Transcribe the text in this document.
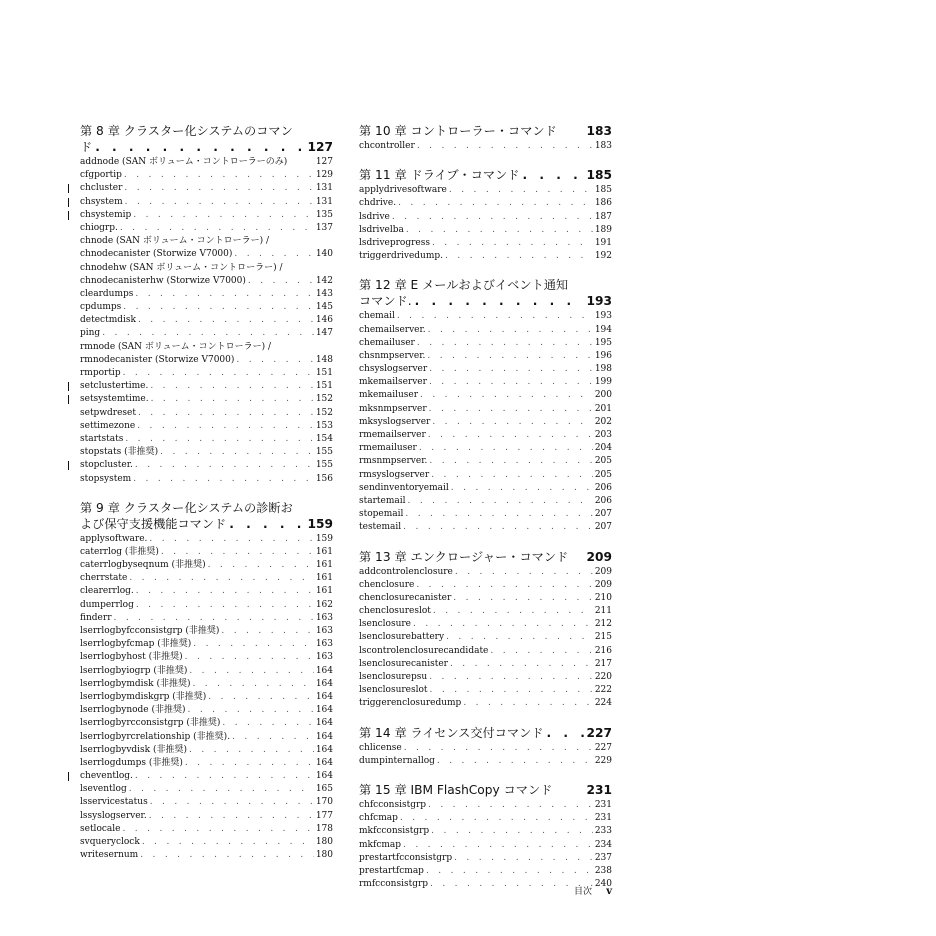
第 8 章 クラスター化システムのコマン
ド . . .	127
addnode (SAN ボリューム・コントローラーのみ)	127
cfgportip . . .	129
chcluster . . .	131
chsystem . . .	131
chsystemip . . .	135
chiogrp. . . .	137
chnode (SAN ボリューム・コントローラー) /
chnodecanister (Storwize V7000) . . .	140
chnodehw (SAN ボリューム・コントローラー) /
chnodecanisterhw (Storwize V7000) . . .	142
cleardumps . . .	143
cpdumps . . .	145
detectmdisk . . .	146
ping . . .	147
rmnode (SAN ボリューム・コントローラー) /
rmnodecanister (Storwize V7000) . . .	148
rmportip . . .	151
setclustertime. . . .	151
setsystemtime. . . .	152
setpwdreset . . .	152
settimezone . . .	153
startstats . . .	154
stopstats (非推奨) . . .	155
stopcluster. . . .	155
stopsystem . . .	156
第 9 章 クラスター化システムの診断お
よび保守支援機能コマンド . . .	159
applysoftware. . . .	159
caterrlog (非推奨) . . .	161
caterrlogbyseqnum (非推奨) . . .	161
cherrstate . . .	161
clearerrlog. . . .	161
dumperrlog . . .	162
finderr . . .	163
lserrlogbyfcconsistgrp (非推奨) . . .	163
lserrlogbyfcmap (非推奨) . . .	163
lserrlogbyhost (非推奨) . . .	163
lserrlogbyiogrp (非推奨) . . .	164
lserrlogbymdisk (非推奨) . . .	164
lserrlogbymdiskgrp (非推奨) . . .	164
lserrlogbynode (非推奨) . . .	164
lserrlogbyrcconsistgrp (非推奨) . . .	164
lserrlogbyrcrelationship (非推奨). . . .	164
lserrlogbyvdisk (非推奨) . . .	164
lserrlogdumps (非推奨) . . .	164
cheventlog. . . .	164
lseventlog . . .	165
lsservicestatus . . .	170
lssyslogserver. . . .	177
setlocale . . .	178
svqueryclock . . .	180
writesernum . . .	180
第 10 章 コントローラー・コマンド 183
chcontroller . . .	183
第 11 章 ドライブ・コマンド . . .	185
applydrivesoftware . . .	185
chdrive. . . .	186
lsdrive . . .	187
lsdrivelba . . .	189
lsdriveprogress . . .	191
triggerdrivedump. . . .	192
第 12 章 E メールおよびイベント通知
コマンド. . . .	193
chemail . . .	193
chemailserver. . . .	194
chemailuser . . .	195
chsnmpserver. . . .	196
chsyslogserver . . .	198
mkemailserver . . .	199
mkemailuser . . .	200
mksnmpserver . . .	201
mksyslogserver . . .	202
rmemailserver . . .	203
rmemailuser . . .	204
rmsnmpserver. . . .	205
rmsyslogserver . . .	205
sendinventoryemail . . .	206
startemail . . .	206
stopemail . . .	207
testemail . . .	207
第 13 章 エンクロージャー・コマンド 209
addcontrolenclosure . . .	209
chenclosure . . .	209
chenclosurecanister . . .	210
chenclosureslot . . .	211
lsenclosure . . .	212
lsenclosurebattery . . .	215
lscontrolenclosurecandidate . . .	216
lsenclosurecanister . . .	217
lsenclosurepsu . . .	220
lsenclosureslot . . .	222
triggerenclosuredump . . .	224
第 14 章 ライセンス交付コマンド . . .	227
chlicense . . .	227
dumpinternallog . . .	229
第 15 章 IBM FlashCopy コマンド	231
chfcconsistgrp . . .	231
chfcmap . . .	231
mkfcconsistgrp . . .	233
mkfcmap . . .	234
prestartfcconsistgrp . . .	237
prestartfcmap . . .	238
rmfcconsistgrp . . .	240
目次 v
